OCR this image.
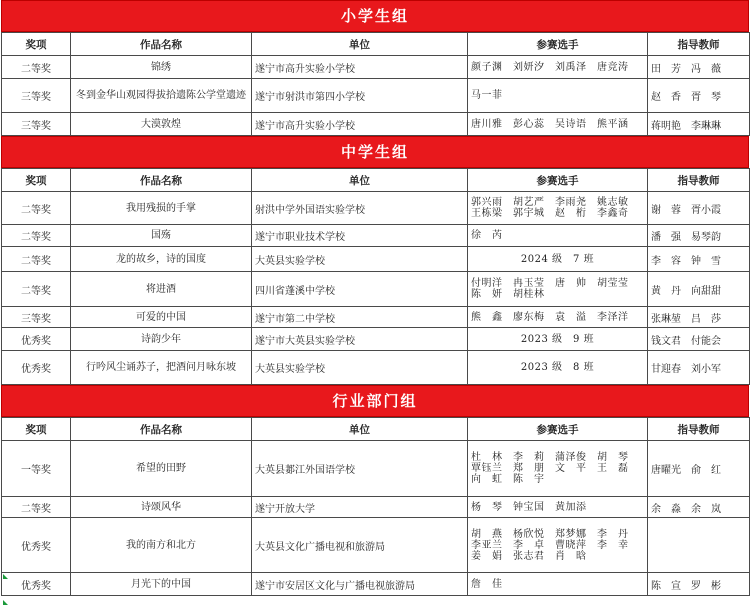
小学生组
奖项	作品名称	单位	参赛选手	指导教师
二等奖	锦绣	遂宁市高升实验小学校	颜子渊　刘妍汐　刘禹泽　唐竞涛	田　芳　冯　薇
三等奖	冬到金华山观园得拔拾遗陈公学堂遗迹	遂宁市射洪市第四小学校	马一菲	赵　香　胥　琴
三等奖	大漠敦煌	遂宁市高升实验小学校	唐川雅　彭心蕊　吴诗语　熊平涵	蒋明艳　李琳琳
中学生组
奖项	作品名称	单位	参赛选手	指导教师
二等奖	我用残损的手掌	射洪中学外国语实验学校	郭兴雨　胡艺严　李雨尧　姚志敏
王栋梁　郭宇城　赵　桁　李鑫奇	谢　蓉　胥小霞
二等奖	国殇	遂宁市职业技术学校	徐　芮	潘　强　易琴韵
二等奖	龙的故乡，诗的国度	大英县实验学校	2024 级　7 班	李　容　钟　雪
二等奖	将进酒	四川省蓬溪中学校	付明洋　冉玉莹　唐　帅　胡莹莹
陈　妍　胡桂林	黄　丹　向甜甜
三等奖	可爱的中国	遂宁市第二中学校	熊　鑫　廖东梅　袁　溢　李泽洋	张琳堃　吕　莎
优秀奖	诗韵少年	遂宁市大英县实验学校	2023 级　9 班	钱文君　付能会
优秀奖	行吟风尘诵苏子，把酒问月咏东坡	大英县实验学校	2023 级　8 班	甘迎春　刘小军
行业部门组
奖项	作品名称	单位	参赛选手	指导教师
一等奖	希望的田野	大英县郪江外国语学校	杜　林　李　莉　蒲泽俊　胡　琴
覃钰兰　郑　朋　文　平　王　磊
向　虹　陈　宇	唐曜光　俞　红
二等奖	诗颂风华	遂宁开放大学	杨　琴　钟宝国　黄加添	余　淼　余　岚
优秀奖	我的南方和北方	大英县文化广播电视和旅游局	胡　燕　杨欣悦　郑梦娜　李　丹
李亚兰　李　卓　曹晓萍　李　幸
姜　娟　张志君　肖　晗	

优秀奖	月光下的中国	遂宁市安居区文化与广播电视旅游局	詹　佳	陈　宣　罗　彬
